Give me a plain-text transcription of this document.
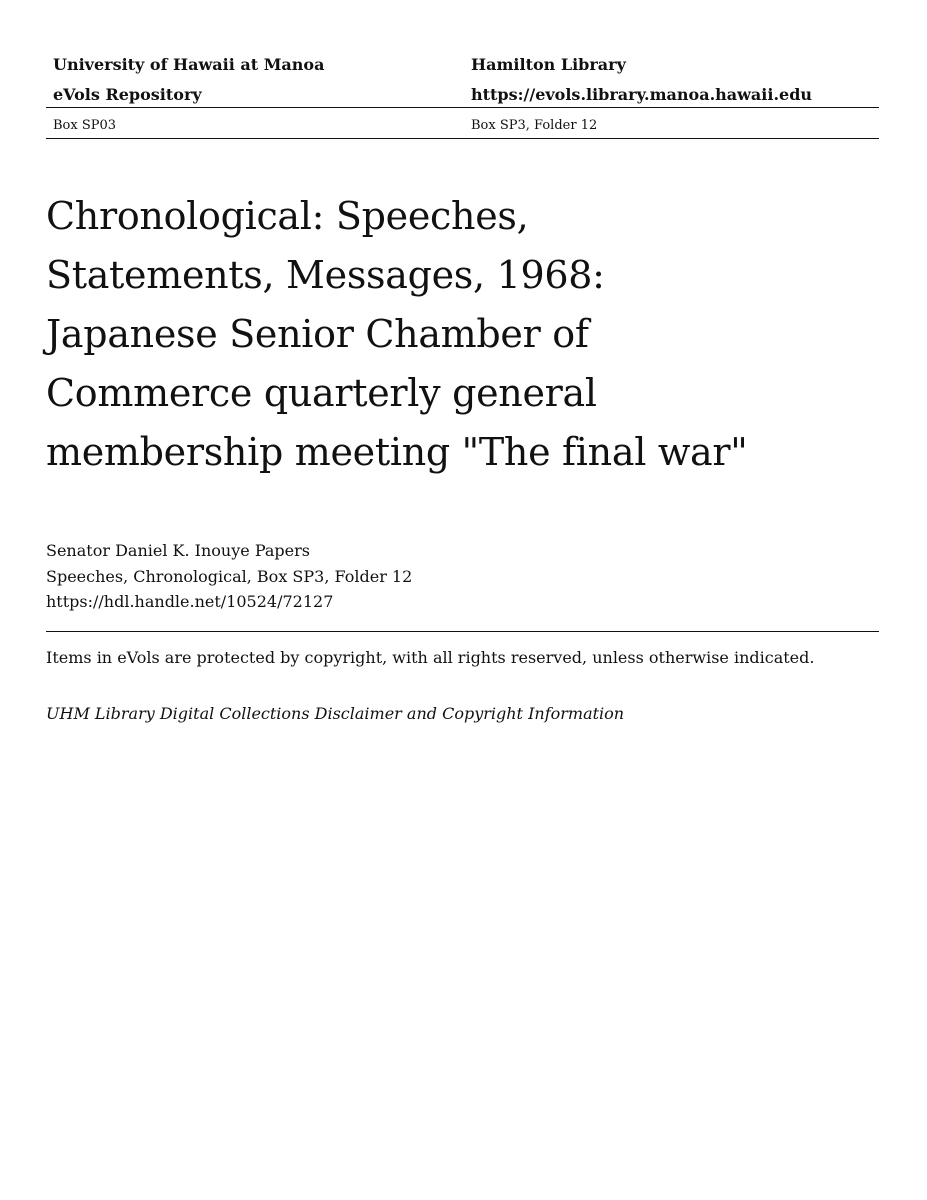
University of Hawaii at Manoa	Hamilton Library
eVols Repository	https://evols.library.manoa.hawaii.edu
Box SP03	Box SP3, Folder 12
Chronological: Speeches, Statements, Messages, 1968: Japanese Senior Chamber of Commerce quarterly general membership meeting "The final war"
Senator Daniel K. Inouye Papers
Speeches, Chronological, Box SP3, Folder 12
https://hdl.handle.net/10524/72127
Items in eVols are protected by copyright, with all rights reserved, unless otherwise indicated.
UHM Library Digital Collections Disclaimer and Copyright Information
